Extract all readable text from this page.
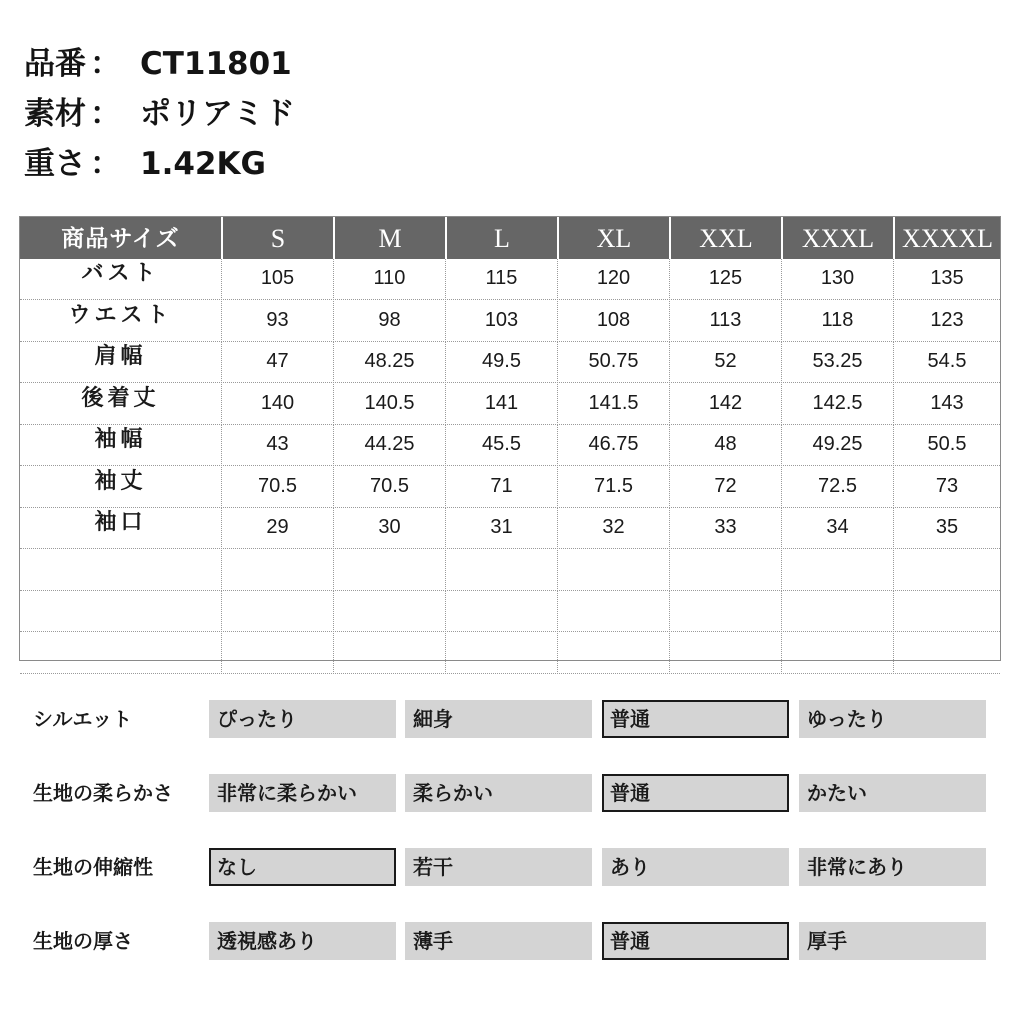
品番 ： CT11801
素材 ： ポリアミド
重さ ： 1.42KG
商品サイズ	S	M	L	XL	XXL	XXXL	XXXXL
バスト	105	110	115	120	125	130	135
ウエスト	93	98	103	108	113	118	123
肩幅	47	48.25	49.5	50.75	52	53.25	54.5
後着丈	140	140.5	141	141.5	142	142.5	143
袖幅	43	44.25	45.5	46.75	48	49.25	50.5
袖丈	70.5	70.5	71	71.5	72	72.5	73
袖口	29	30	31	32	33	34	35
シルエット	ぴったり	細身	普通	ゆったり
生地の柔らかさ	非常に柔らかい	柔らかい	普通	かたい
生地の伸縮性	なし	若干	あり	非常にあり
生地の厚さ	透視感あり	薄手	普通	厚手
